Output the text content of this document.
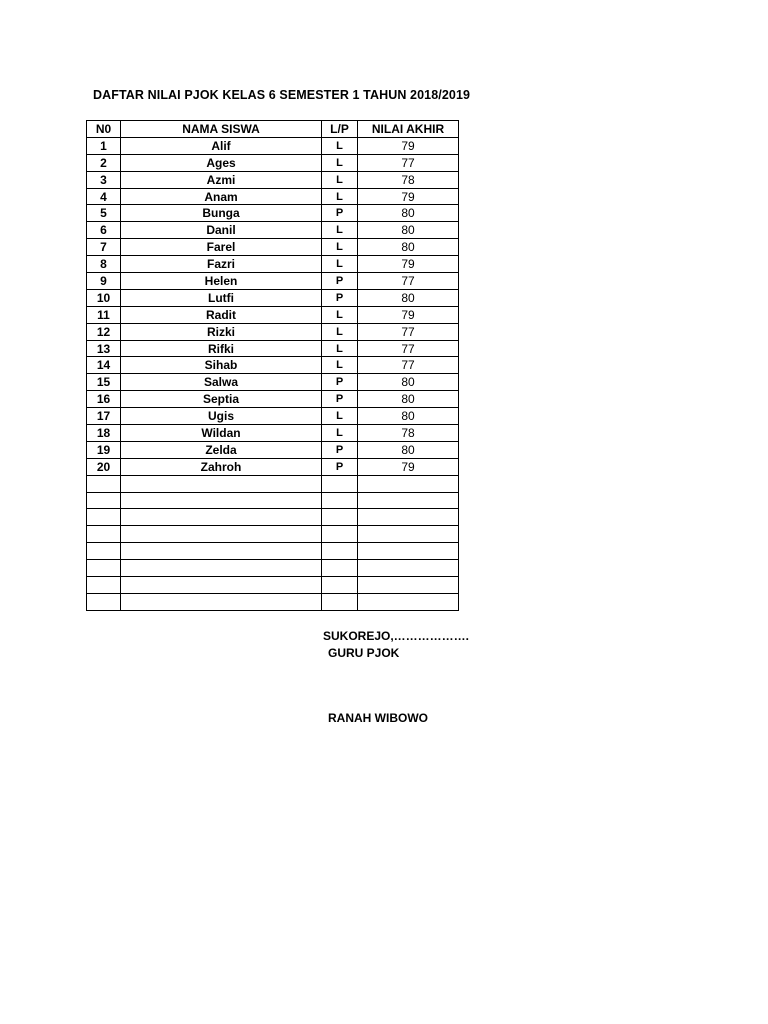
DAFTAR NILAI PJOK KELAS 6 SEMESTER 1 TAHUN 2018/2019
N0	NAMA SISWA	L/P	NILAI AKHIR
1	Alif	L	79
2	Ages	L	77
3	Azmi	L	78
4	Anam	L	79
5	Bunga	P	80
6	Danil	L	80
7	Farel	L	80
8	Fazri	L	79
9	Helen	P	77
10	Lutfi	P	80
11	Radit	L	79
12	Rizki	L	77
13	Rifki	L	77
14	Sihab	L	77
15	Salwa	P	80
16	Septia	P	80
17	Ugis	L	80
18	Wildan	L	78
19	Zelda	P	80
20	Zahroh	P	79

SUKOREJO,……………….
GURU PJOK
RANAH WIBOWO
